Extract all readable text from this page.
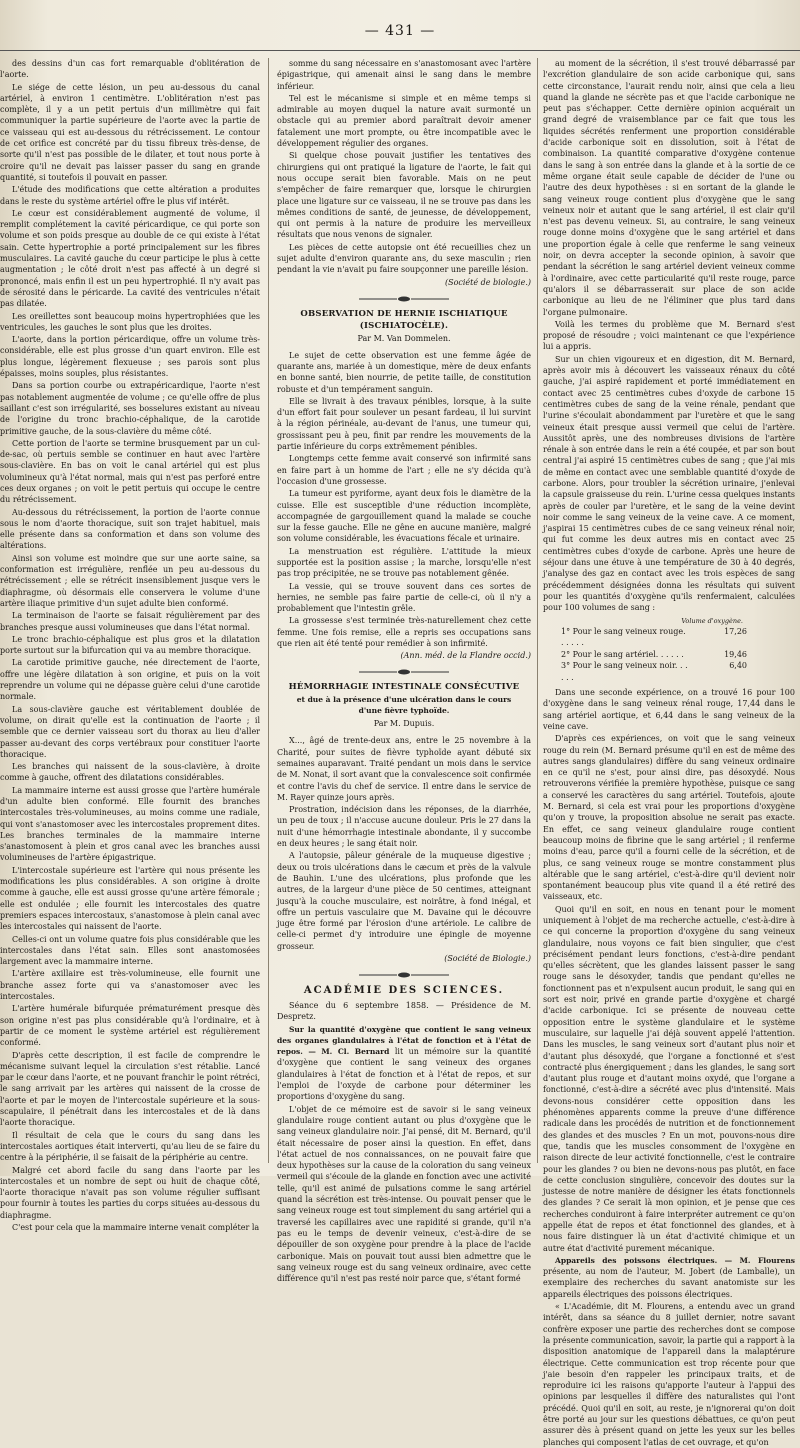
— 431 —

des dessins d'un cas fort remarquable d'oblitération de l'aorte.

Le siége de cette lésion, un peu au-dessous du canal artériel, à environ 1 centimètre. L'oblitération n'est pas complète, il y a un petit pertuis d'un millimètre qui fait communiquer la partie supérieure de l'aorte avec la partie de ce vaisseau qui est au-dessous du rétrécissement. Le contour de cet orifice est concrété par du tissu fibreux très-dense, de sorte qu'il n'est pas possible de le dilater, et tout nous porte à croire qu'il ne devait pas laisser passer du sang en grande quantité, si toutefois il pouvait en passer.

L'étude des modifications que cette altération a produites dans le reste du système artériel offre le plus vif intérêt.

Le cœur est considérablement augmenté de volume, il remplit complétement la cavité péricardique, ce qui porte son volume et son poids presque au double de ce qui existe à l'état sain. Cette hypertrophie a porté principalement sur les fibres musculaires. La cavité gauche du cœur participe le plus à cette augmentation ; le côté droit n'est pas affecté à un degré si prononcé, mais enfin il est un peu hypertrophié. Il n'y avait pas de sérosité dans le péricarde. La cavité des ventricules n'était pas dilatée.

Les oreillettes sont beaucoup moins hypertrophiées que les ventricules, les gauches le sont plus que les droites.

L'aorte, dans la portion péricardique, offre un volume très-considérable, elle est plus grosse d'un quart environ. Elle est plus longue, légèrement flexueuse ; ses parois sont plus épaisses, moins souples, plus résistantes.

Dans sa portion courbe ou extrapéricardique, l'aorte n'est pas notablement augmentée de volume ; ce qu'elle offre de plus saillant c'est son irrégularité, ses bosselures existant au niveau de l'origine du tronc brachio-céphalique, de la carotide primitive gauche, de la sous-clavière du même côté.

Cette portion de l'aorte se termine brusquement par un cul-de-sac, où pertuis semble se continuer en haut avec l'artère sous-clavière. En bas on voit le canal artériel qui est plus volumineux qu'à l'état normal, mais qui n'est pas perforé entre ces deux organes ; on voit le petit pertuis qui occupe le centre du rétrécissement.

Au-dessous du rétrécissement, la portion de l'aorte connue sous le nom d'aorte thoracique, suit son trajet habituel, mais elle présente dans sa conformation et dans son volume des altérations.

Ainsi son volume est moindre que sur une aorte saine, sa conformation est irrégulière, renflée un peu au-dessous du rétrécissement ; elle se rétrécit insensiblement jusque vers le diaphragme, où désormais elle conservera le volume d'une artère iliaque primitive d'un sujet adulte bien conformé.

La terminaison de l'aorte se faisait régulièrement par des branches presque aussi volumineuses que dans l'état normal.

Le tronc brachio-céphalique est plus gros et la dilatation porte surtout sur la bifurcation qui va au membre thoracique.

La carotide primitive gauche, née directement de l'aorte, offre une légère dilatation à son origine, et puis on la voit reprendre un volume qui ne dépasse guère celui d'une carotide normale.

La sous-clavière gauche est véritablement doublée de volume, on dirait qu'elle est la continuation de l'aorte ; il semble que ce dernier vaisseau sort du thorax au lieu d'aller passer au-devant des corps vertébraux pour constituer l'aorte thoracique.

Les branches qui naissent de la sous-clavière, à droite comme à gauche, offrent des dilatations considérables.

La mammaire interne est aussi grosse que l'artère humérale d'un adulte bien conformé. Elle fournit des branches intercostales très-volumineuses, au moins comme une radiale, qui vont s'anastomoser avec les intercostales proprement dites. Les branches terminales de la mammaire interne s'anastomosent à plein et gros canal avec les branches aussi volumineuses de l'artère épigastrique.

L'intercostale supérieure est l'artère qui nous présente les modifications les plus considérables. A son origine à droite comme à gauche, elle est aussi grosse qu'une artère fémorale ; elle est ondulée ; elle fournit les intercostales des quatre premiers espaces intercostaux, s'anastomose à plein canal avec les intercostales qui naissent de l'aorte.

Celles-ci ont un volume quatre fois plus considérable que les intercostales dans l'état sain. Elles sont anastomosées largement avec la mammaire interne.

L'artère axillaire est très-volumineuse, elle fournit une branche assez forte qui va s'anastomoser avec les intercostales.

L'artère humérale bifurquée prématurément presque dès son origine n'est pas plus considérable qu'à l'ordinaire, et à partir de ce moment le système artériel est régulièrement conformé.

D'après cette description, il est facile de comprendre le mécanisme suivant lequel la circulation s'est rétablie. Lancé par le cœur dans l'aorte, et ne pouvant franchir le point rétréci, le sang arrivait par les artères qui naissent de la crosse de l'aorte et par le moyen de l'intercostale supérieure et la sous-scapulaire, il pénétrait dans les intercostales et de là dans l'aorte thoracique.

Il résultait de cela que le cours du sang dans les intercostales aortiques était interverti, qu'au lieu de se faire du centre à la périphérie, il se faisait de la périphérie au centre.

Malgré cet abord facile du sang dans l'aorte par les intercostales et un nombre de sept ou huit de chaque côté, l'aorte thoracique n'avait pas son volume régulier suffisant pour fournir à toutes les parties du corps situées au-dessous du diaphragme.

C'est pour cela que la mammaire interne venait compléter la

somme du sang nécessaire en s'anastomosant avec l'artère épigastrique, qui amenait ainsi le sang dans le membre inférieur.

Tel est le mécanisme si simple et en même temps si admirable au moyen duquel la nature avait surmonté un obstacle qui au premier abord paraîtrait devoir amener fatalement une mort prompte, ou être incompatible avec le développement régulier des organes.

Si quelque chose pouvait justifier les tentatives des chirurgiens qui ont pratiqué la ligature de l'aorte, le fait qui nous occupe serait bien favorable. Mais on ne peut s'empêcher de faire remarquer que, lorsque le chirurgien place une ligature sur ce vaisseau, il ne se trouve pas dans les mêmes conditions de santé, de jeunesse, de développement, qui ont permis à la nature de produire les merveilleux résultats que nous venons de signaler.

Les pièces de cette autopsie ont été recueillies chez un sujet adulte d'environ quarante ans, du sexe masculin ; rien pendant la vie n'avait pu faire soupçonner une pareille lésion.

(Société de biologie.)

OBSERVATION DE HERNIE ISCHIATIQUE (ISCHIATOCÈLE).
Par M. Van Dommelen.

Le sujet de cette observation est une femme âgée de quarante ans, mariée à un domestique, mère de deux enfants en bonne santé, bien nourrie, de petite taille, de constitution robuste et d'un tempérament sanguin.

Elle se livrait à des travaux pénibles, lorsque, à la suite d'un effort fait pour soulever un pesant fardeau, il lui survint à la région périnéale, au-devant de l'anus, une tumeur qui, grossissant peu à peu, finit par rendre les mouvements de la partie inférieure du corps extrêmement pénibles.

Longtemps cette femme avait conservé son infirmité sans en faire part à un homme de l'art ; elle ne s'y décida qu'à l'occasion d'une grossesse.

La tumeur est pyriforme, ayant deux fois le diamètre de la cuisse. Elle est susceptible d'une réduction incomplète, accompagnée de gargouillement quand la malade se couche sur la fesse gauche. Elle ne gêne en aucune manière, malgré son volume considérable, les évacuations fécale et urinaire.

La menstruation est régulière. L'attitude la mieux supportée est la position assise ; la marche, lorsqu'elle n'est pas trop précipitée, ne se trouve pas notablement gênée.

La vessie, qui se trouve souvent dans ces sortes de hernies, ne semble pas faire partie de celle-ci, où il n'y a probablement que l'intestin grêle.

La grossesse s'est terminée très-naturellement chez cette femme. Une fois remise, elle a repris ses occupations sans que rien ait été tenté pour remédier à son infirmité.

(Ann. méd. de la Flandre occid.)

HÉMORRHAGIE INTESTINALE CONSÉCUTIVE
et due à la présence d'une ulcération dans le cours d'une fièvre typhoïde.
Par M. Dupuis.

X..., âgé de trente-deux ans, entre le 25 novembre à la Charité, pour suites de fièvre typhoïde ayant débuté six semaines auparavant. Traité pendant un mois dans le service de M. Nonat, il sort avant que la convalescence soit confirmée et contre l'avis du chef de service. Il entre dans le service de M. Rayer quinze jours après.

Prostration, indécision dans les réponses, de la diarrhée, un peu de toux ; il n'accuse aucune douleur. Pris le 27 dans la nuit d'une hémorrhagie intestinale abondante, il y succombe en deux heures ; le sang était noir.

A l'autopsie, pâleur générale de la muqueuse digestive ; deux ou trois ulcérations dans le cæcum et près de la valvule de Bauhin. L'une des ulcérations, plus profonde que les autres, de la largeur d'une pièce de 50 centimes, atteignant jusqu'à la couche musculaire, est noirâtre, à fond inégal, et offre un pertuis vasculaire que M. Davaine qui le découvre juge être formé par l'érosion d'une artériole. Le calibre de celle-ci permet d'y introduire une épingle de moyenne grosseur.

(Société de Biologie.)

ACADÉMIE DES SCIENCES.

Séance du 6 septembre 1858. — Présidence de M. Despretz.

Sur la quantité d'oxygène que contient le sang veineux des organes glandulaires à l'état de fonction et à l'état de repos. — M. Cl. Bernard lit un mémoire sur la quantité d'oxygène que contient le sang veineux des organes glandulaires à l'état de fonction et à l'état de repos, et sur l'emploi de l'oxyde de carbone pour déterminer les proportions d'oxygène du sang.

L'objet de ce mémoire est de savoir si le sang veineux glandulaire rouge contient autant ou plus d'oxygène que le sang veineux glandulaire noir. J'ai pensé, dit M. Bernard, qu'il était nécessaire de poser ainsi la question. En effet, dans l'état actuel de nos connaissances, on ne pouvait faire que deux hypothèses sur la cause de la coloration du sang veineux vermeil qui s'écoule de la glande en fonction avec une activité telle, qu'il est animé de pulsations comme le sang artériel quand la sécrétion est très-intense. Ou pouvait penser que le sang veineux rouge est tout simplement du sang artériel qui a traversé les capillaires avec une rapidité si grande, qu'il n'a pas eu le temps de devenir veineux, c'est-à-dire de se dépouiller de son oxygène pour prendre à la place de l'acide carbonique. Mais on pouvait tout aussi bien admettre que le sang veineux rouge est du sang veineux ordinaire, avec cette différence qu'il n'est pas resté noir parce que, s'étant formé

au moment de la sécrétion, il s'est trouvé débarrassé par l'excrétion glandulaire de son acide carbonique qui, sans cette circonstance, l'aurait rendu noir, ainsi que cela a lieu quand la glande ne sécrète pas et que l'acide carbonique ne peut pas s'échapper. Cette dernière opinion acquérait un grand degré de vraisemblance par ce fait que tous les liquides sécrétés renferment une proportion considérable d'acide carbonique soit en dissolution, soit à l'état de combinaison. La quantité comparative d'oxygène contenue dans le sang à son entrée dans la glande et à la sortie de ce même organe était seule capable de décider de l'une ou l'autre des deux hypothèses : si en sortant de la glande le sang veineux rouge contient plus d'oxygène que le sang veineux noir et autant que le sang artériel, il est clair qu'il n'est pas devenu veineux. Si, au contraire, le sang veineux rouge donne moins d'oxygène que le sang artériel et dans une proportion égale à celle que renferme le sang veineux noir, on devra accepter la seconde opinion, à savoir que pendant la sécrétion le sang artériel devient veineux comme à l'ordinaire, avec cette particularité qu'il reste rouge, parce qu'alors il se débarrasserait sur place de son acide carbonique au lieu de ne l'éliminer que plus tard dans l'organe pulmonaire.

Voilà les termes du problème que M. Bernard s'est proposé de résoudre ; voici maintenant ce que l'expérience lui a appris.

Sur un chien vigoureux et en digestion, dit M. Bernard, après avoir mis à découvert les vaisseaux rénaux du côté gauche, j'ai aspiré rapidement et porté immédiatement en contact avec 25 centimètres cubes d'oxyde de carbone 15 centimètres cubes de sang de la veine rénale, pendant que l'urine s'écoulait abondamment par l'uretère et que le sang veineux était presque aussi vermeil que celui de l'artère. Aussitôt après, une des nombreuses divisions de l'artère rénale à son entrée dans le rein a été coupée, et par son bout central j'ai aspiré 15 centimètres cubes de sang ; que j'ai mis de même en contact avec une semblable quantité d'oxyde de carbone. Alors, pour troubler la sécrétion urinaire, j'enlevai la capsule graisseuse du rein. L'urine cessa quelques instants après de couler par l'uretère, et le sang de la veine devint noir comme le sang veineux de la veine cave. A ce moment, j'aspirai 15 centimètres cubes de ce sang veineux rénal noir, qui fut comme les deux autres mis en contact avec 25 centimètres cubes d'oxyde de carbone. Après une heure de séjour dans une étuve à une température de 30 à 40 degrés, j'analyse des gaz en contact avec les trois espèces de sang précédemment désignées donna les résultats qui suivent pour les quantités d'oxygène qu'ils renfermaient, calculées pour 100 volumes de sang :

Volume d'oxygène.
1° Pour le sang veineux rouge. . . . . .
17,26
2° Pour le sang artériel. . . . . .	19,46
3° Pour le sang veineux noir. . . . . .
6,40

Dans une seconde expérience, on a trouvé 16 pour 100 d'oxygène dans le sang veineux rénal rouge, 17,44 dans le sang artériel aortique, et 6,44 dans le sang veineux de la veine cave.

D'après ces expériences, on voit que le sang veineux rouge du rein (M. Bernard présume qu'il en est de même des autres sangs glandulaires) diffère du sang veineux ordinaire en ce qu'il ne s'est, pour ainsi dire, pas désoxydé. Nous retrouverons vérifiée la première hypothèse, puisque ce sang a conservé les caractères du sang artériel. Toutefois, ajoute M. Bernard, si cela est vrai pour les proportions d'oxygène qu'on y trouve, la proposition absolue ne serait pas exacte. En effet, ce sang veineux glandulaire rouge contient beaucoup moins de fibrine que le sang artériel ; il renferme moins d'eau, parce qu'il a fourni celle de la sécrétion, et de plus, ce sang veineux rouge se montre constamment plus altérable que le sang artériel, c'est-à-dire qu'il devient noir spontanément beaucoup plus vite quand il a été retiré des vaisseaux, etc.

Quoi qu'il en soit, en nous en tenant pour le moment uniquement à l'objet de ma recherche actuelle, c'est-à-dire à ce qui concerne la proportion d'oxygène du sang veineux glandulaire, nous voyons ce fait bien singulier, que c'est précisément pendant leurs fonctions, c'est-à-dire pendant qu'elles sécrètent, que les glandes laissent passer le sang rouge sans le désoxyder, tandis que pendant qu'elles ne fonctionnent pas et n'expulsent aucun produit, le sang qui en sort est noir, privé en grande partie d'oxygène et chargé d'acide carbonique. Ici se présente de nouveau cette opposition entre le système glandulaire et le système musculaire, sur laquelle j'ai déjà souvent appelé l'attention. Dans les muscles, le sang veineux sort d'autant plus noir et d'autant plus désoxydé, que l'organe a fonctionné et s'est contracté plus énergiquement ; dans les glandes, le sang sort d'autant plus rouge et d'autant moins oxydé, que l'organe a fonctionné, c'est-à-dire a sécrété avec plus d'intensité. Mais devons-nous considérer cette opposition dans les phénomènes apparents comme la preuve d'une différence radicale dans les procédés de nutrition et de fonctionnement des glandes et des muscles ? En un mot, pouvons-nous dire que, tandis que les muscles consomment de l'oxygène en raison directe de leur activité fonctionnelle, c'est le contraire pour les glandes ? ou bien ne devons-nous pas plutôt, en face de cette conclusion singulière, concevoir des doutes sur la justesse de notre manière de désigner les états fonctionnels des glandes ? Ce serait là mon opinion, et je pense que ces recherches conduiront à faire interpréter autrement ce qu'on appelle état de repos et état fonctionnel des glandes, et à nous faire distinguer là un état d'activité chimique et un autre état d'activité purement mécanique.

Appareils des poissons électriques. — M. Flourens présente, au nom de l'auteur, M. Jobert (de Lamballe), un exemplaire des recherches du savant anatomiste sur les appareils électriques des poissons électriques.

« L'Académie, dit M. Flourens, a entendu avec un grand intérêt, dans sa séance du 8 juillet dernier, notre savant confrère exposer une partie des recherches dont se compose la présente communication, savoir, la partie qui a rapport à la disposition anatomique de l'appareil dans la malaptérure électrique. Cette communication est trop récente pour que j'aie besoin d'en rappeler les principaux traits, et de reproduire ici les raisons qu'apporte l'auteur à l'appui des opinions par lesquelles il diffère des naturalistes qui l'ont précédé. Quoi qu'il en soit, au reste, je n'ignorerai qu'on doit être porté au jour sur les questions débattues, ce qu'on peut assurer dès à présent quand on jette les yeux sur les belles planches qui composent l'atlas de cet ouvrage, et qu'on
